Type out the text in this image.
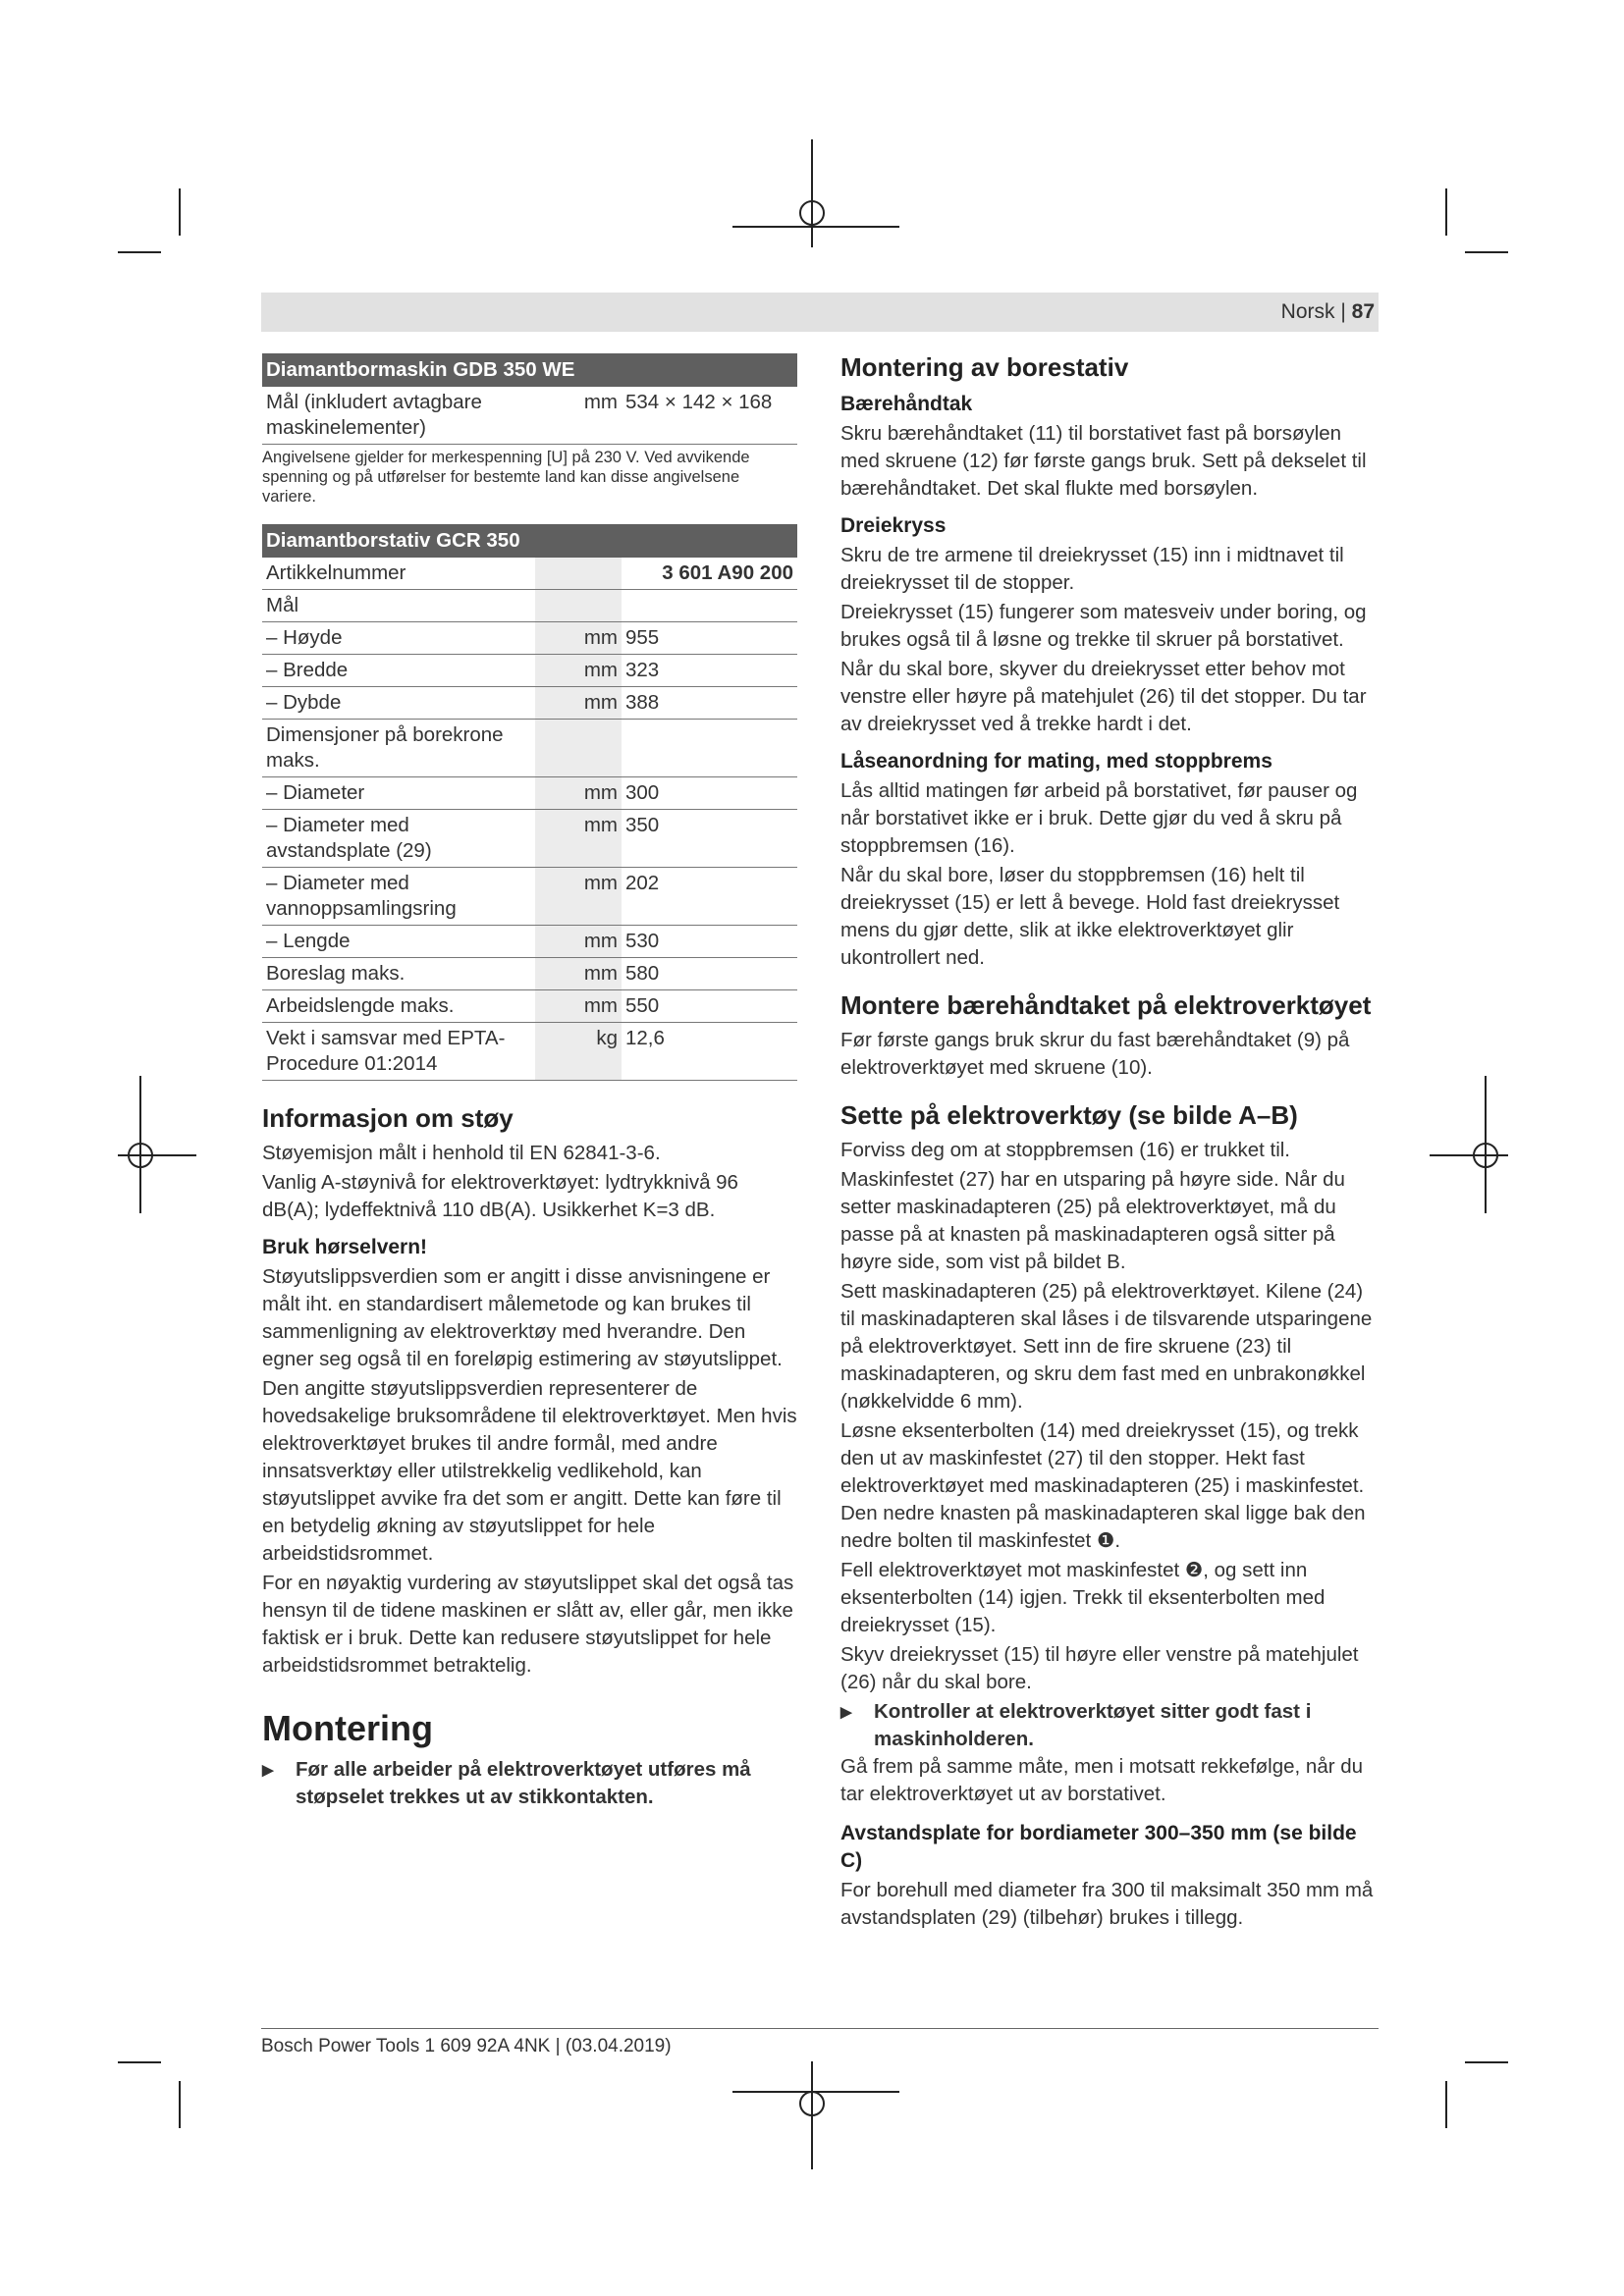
Norsk | 87
Diamantbormaskin GDB 350 WE
Mål (inkludert avtagbare maskinelementer)	mm	534 × 142 × 168
Angivelsene gjelder for merkespenning [U] på 230 V. Ved avvikende spenning og på utførelser for bestemte land kan disse angivelsene variere.
Diamantborstativ GCR 350		
Artikkelnummer		3 601 A90 200
Mål		
– Høyde	mm	955
– Bredde	mm	323
– Dybde	mm	388
Dimensjoner på borekrone maks.		
– Diameter	mm	300
– Diameter med avstandsplate (29)	mm	350
– Diameter med vannoppsamlingsring	mm	202
– Lengde	mm	530
Boreslag maks.	mm	580
Arbeidslengde maks.	mm	550
Vekt i samsvar med EPTA-Procedure 01:2014	kg	12,6
Informasjon om støy

Støyemisjon målt i henhold til EN 62841-3-6.

Vanlig A-støynivå for elektroverktøyet: lydtrykknivå 96 dB(A); lydeffektnivå 110 dB(A). Usikkerhet K=3 dB.

Bruk hørselvern!

Støyutslippsverdien som er angitt i disse anvisningene er målt iht. en standardisert målemetode og kan brukes til sammenligning av elektroverktøy med hverandre. Den egner seg også til en foreløpig estimering av støyutslippet.

Den angitte støyutslippsverdien representerer de hovedsakelige bruksområdene til elektroverktøyet. Men hvis elektroverktøyet brukes til andre formål, med andre innsatsverktøy eller utilstrekkelig vedlikehold, kan støyutslippet avvike fra det som er angitt. Dette kan føre til en betydelig økning av støyutslippet for hele arbeidstidsrommet.

For en nøyaktig vurdering av støyutslippet skal det også tas hensyn til de tidene maskinen er slått av, eller går, men ikke faktisk er i bruk. Dette kan redusere støyutslippet for hele arbeidstidsrommet betraktelig.

Montering
▶	Før alle arbeider på elektroverktøyet utføres må støpselet trekkes ut av stikkontakten.
Montering av borestativ
Bærehåndtak

Skru bærehåndtaket (11) til borstativet fast på borsøylen med skruene (12) før første gangs bruk. Sett på dekselet til bærehåndtaket. Det skal flukte med borsøylen.

Dreiekryss

Skru de tre armene til dreiekrysset (15) inn i midtnavet til dreiekrysset til de stopper.

Dreiekrysset (15) fungerer som matesveiv under boring, og brukes også til å løsne og trekke til skruer på borstativet.

Når du skal bore, skyver du dreiekrysset etter behov mot venstre eller høyre på matehjulet (26) til det stopper. Du tar av dreiekrysset ved å trekke hardt i det.

Låseanordning for mating, med stoppbrems

Lås alltid matingen før arbeid på borstativet, før pauser og når borstativet ikke er i bruk. Dette gjør du ved å skru på stoppbremsen (16).

Når du skal bore, løser du stoppbremsen (16) helt til dreiekrysset (15) er lett å bevege. Hold fast dreiekrysset mens du gjør dette, slik at ikke elektroverktøyet glir ukontrollert ned.

Montere bærehåndtaket på elektroverktøyet

Før første gangs bruk skrur du fast bærehåndtaket (9) på elektroverktøyet med skruene (10).

Sette på elektroverktøy (se bilde A–B)

Forviss deg om at stoppbremsen (16) er trukket til.

Maskinfestet (27) har en utsparing på høyre side. Når du setter maskinadapteren (25) på elektroverktøyet, må du passe på at knasten på maskinadapteren også sitter på høyre side, som vist på bildet B.

Sett maskinadapteren (25) på elektroverktøyet. Kilene (24) til maskinadapteren skal låses i de tilsvarende utsparingene på elektroverktøyet. Sett inn de fire skruene (23) til maskinadapteren, og skru dem fast med en unbrakonøkkel (nøkkelvidde 6 mm).

Løsne eksenterbolten (14) med dreiekrysset (15), og trekk den ut av maskinfestet (27) til den stopper. Hekt fast elektroverktøyet med maskinadapteren (25) i maskinfestet. Den nedre knasten på maskinadapteren skal ligge bak den nedre bolten til maskinfestet ❶.

Fell elektroverktøyet mot maskinfestet ❷, og sett inn eksenterbolten (14) igjen. Trekk til eksenterbolten med dreiekrysset (15).

Skyv dreiekrysset (15) til høyre eller venstre på matehjulet (26) når du skal bore.

▶	Kontroller at elektroverktøyet sitter godt fast i maskinholderen.

Gå frem på samme måte, men i motsatt rekkefølge, når du tar elektroverktøyet ut av borstativet.

Avstandsplate for bordiameter 300–350 mm (se bilde C)

For borehull med diameter fra 300 til maksimalt 350 mm må avstandsplaten (29) (tilbehør) brukes i tillegg.

Bosch Power Tools 1 609 92A 4NK | (03.04.2019)
